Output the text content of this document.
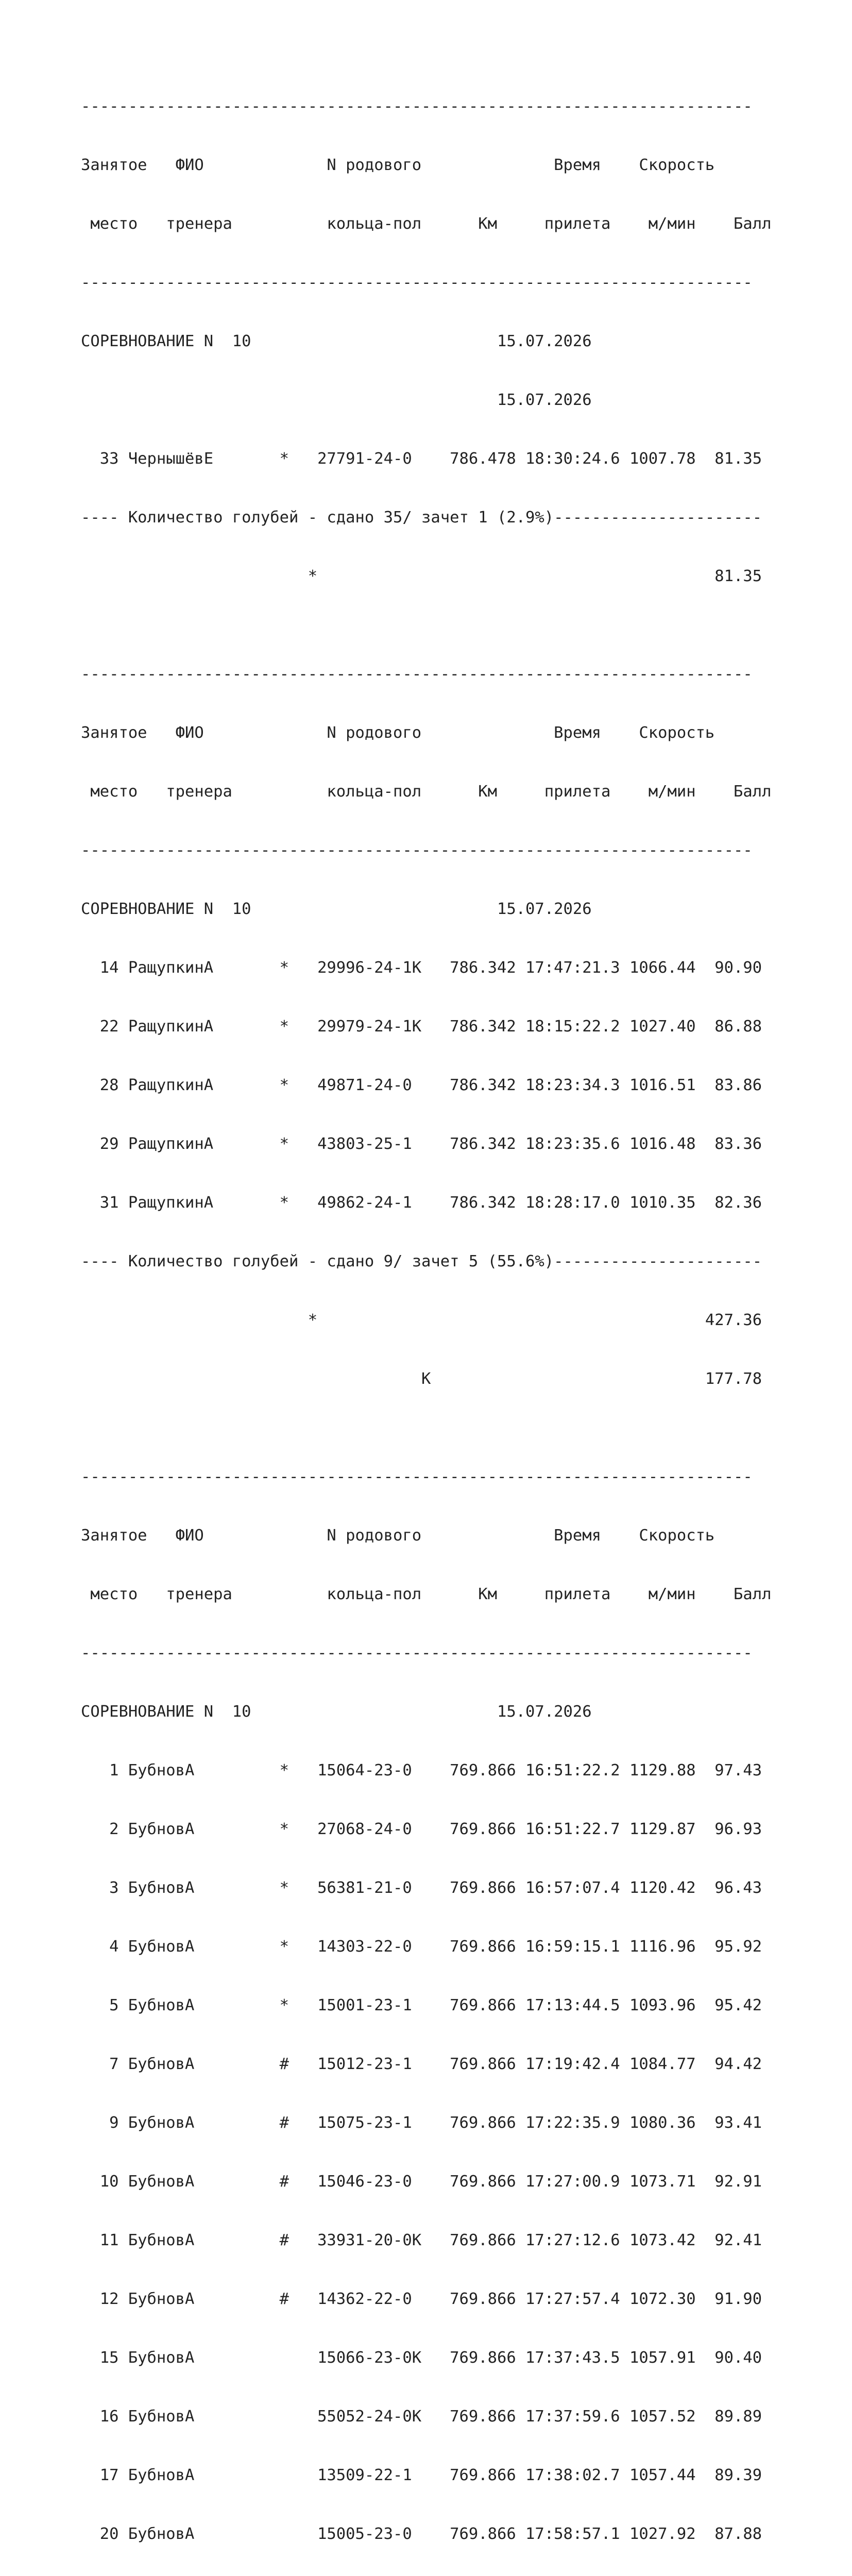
-----------------------------------------------------------------------

Занятое   ФИО             N родового              Время    Скорость

место   тренера          кольца-пол      Км     прилета    м/мин    Балл

-----------------------------------------------------------------------

СОРЕВНОВАНИЕ N  10                          15.07.2026

15.07.2026

33 ЧернышёвЕ       *   27791-24-0    786.478 18:30:24.6 1007.78  81.35

---- Количество голубей - сдано 35/ зачет 1 (2.9%)----------------------

*                                          81.35

-----------------------------------------------------------------------

Занятое   ФИО             N родового              Время    Скорость

место   тренера          кольца-пол      Км     прилета    м/мин    Балл

-----------------------------------------------------------------------

СОРЕВНОВАНИЕ N  10                          15.07.2026

14 РащупкинА       *   29996-24-1К   786.342 17:47:21.3 1066.44  90.90

22 РащупкинА       *   29979-24-1К   786.342 18:15:22.2 1027.40  86.88

28 РащупкинА       *   49871-24-0    786.342 18:23:34.3 1016.51  83.86

29 РащупкинА       *   43803-25-1    786.342 18:23:35.6 1016.48  83.36

31 РащупкинА       *   49862-24-1    786.342 18:28:17.0 1010.35  82.36

---- Количество голубей - сдано 9/ зачет 5 (55.6%)----------------------

*                                         427.36

К                             177.78

-----------------------------------------------------------------------

Занятое   ФИО             N родового              Время    Скорость

место   тренера          кольца-пол      Км     прилета    м/мин    Балл

-----------------------------------------------------------------------

СОРЕВНОВАНИЕ N  10                          15.07.2026

1 БубновА         *   15064-23-0    769.866 16:51:22.2 1129.88  97.43

2 БубновА         *   27068-24-0    769.866 16:51:22.7 1129.87  96.93

3 БубновА         *   56381-21-0    769.866 16:57:07.4 1120.42  96.43

4 БубновА         *   14303-22-0    769.866 16:59:15.1 1116.96  95.92

5 БубновА         *   15001-23-1    769.866 17:13:44.5 1093.96  95.42

7 БубновА         #   15012-23-1    769.866 17:19:42.4 1084.77  94.42

9 БубновА         #   15075-23-1    769.866 17:22:35.9 1080.36  93.41

10 БубновА         #   15046-23-0    769.866 17:27:00.9 1073.71  92.91

11 БубновА         #   33931-20-0К   769.866 17:27:12.6 1073.42  92.41

12 БубновА         #   14362-22-0    769.866 17:27:57.4 1072.30  91.90

15 БубновА             15066-23-0К   769.866 17:37:43.5 1057.91  90.40

16 БубновА             55052-24-0К   769.866 17:37:59.6 1057.52  89.89

17 БубновА             13509-22-1    769.866 17:38:02.7 1057.44  89.39

20 БубновА             15005-23-0    769.866 17:58:57.1 1027.92  87.88
